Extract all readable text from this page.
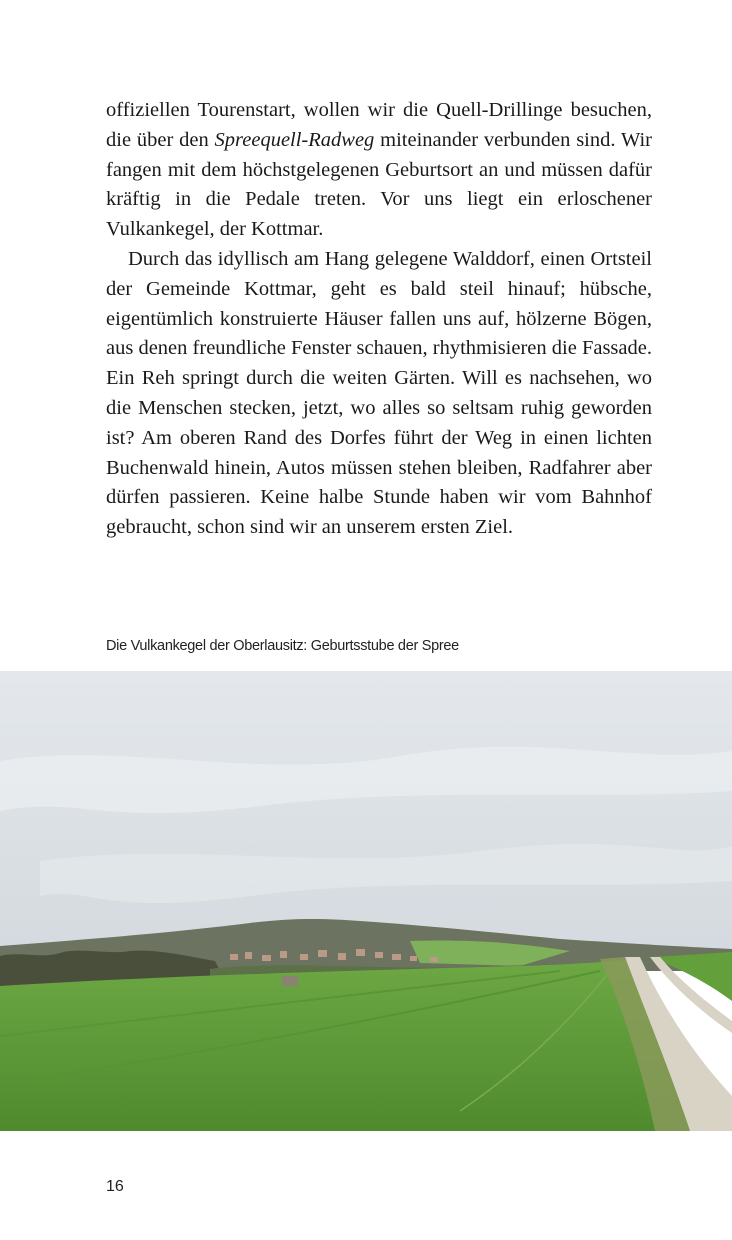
offiziellen Tourenstart, wollen wir die Quell-Drillinge besuchen, die über den Spreequell-Radweg miteinander verbunden sind. Wir fangen mit dem höchstgelegenen Geburtsort an und müssen dafür kräftig in die Pedale treten. Vor uns liegt ein erloschener Vulkankegel, der Kottmar.

Durch das idyllisch am Hang gelegene Walddorf, einen Ortsteil der Gemeinde Kottmar, geht es bald steil hinauf; hübsche, eigentümlich konstruierte Häuser fallen uns auf, hölzerne Bögen, aus denen freundliche Fenster schauen, rhythmisieren die Fassade. Ein Reh springt durch die weiten Gärten. Will es nachsehen, wo die Menschen stecken, jetzt, wo alles so seltsam ruhig geworden ist? Am oberen Rand des Dorfes führt der Weg in einen lichten Buchenwald hinein, Autos müssen stehen bleiben, Radfahrer aber dürfen passieren. Keine halbe Stunde haben wir vom Bahnhof gebraucht, schon sind wir an unserem ersten Ziel.

Die Vulkankegel der Oberlausitz: Geburtsstube der Spree
16
